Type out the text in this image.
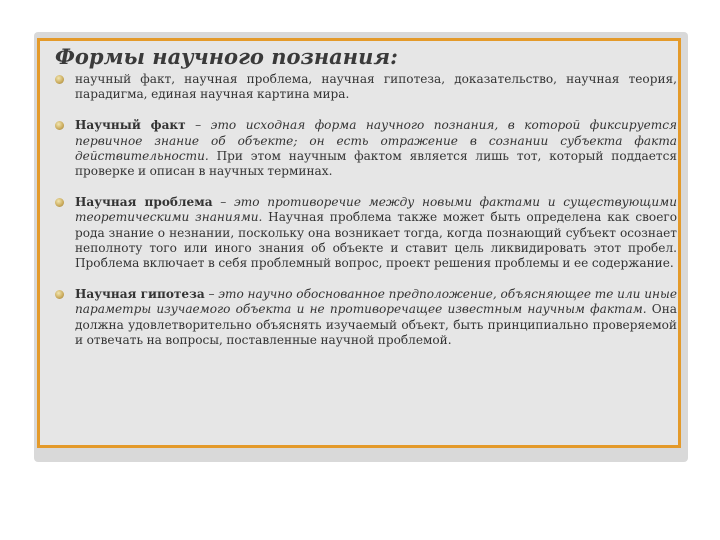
Формы научного познания:
научный факт, научная проблема, научная гипотеза, доказательство, научная теория, парадигма, единая научная картина мира.
Научный факт – это исходная форма научного познания, в которой фиксируется первичное знание об объекте; он есть отражение в сознании субъекта факта действительности. При этом научным фактом является лишь тот, который поддается проверке и описан в научных терминах.
Научная проблема – это противоречие между новыми фактами и существующими теоретическими знаниями. Научная проблема также может быть определена как своего рода знание о незнании, поскольку она возникает тогда, когда познающий субъект осознает неполноту того или иного знания об объекте и ставит цель ликвидировать этот пробел. Проблема включает в себя проблемный вопрос, проект решения проблемы и ее содержание.
Научная гипотеза – это научно обоснованное предположение, объясняющее те или иные параметры изучаемого объекта и не противоречащее известным научным фактам. Она должна удовлетворительно объяснять изучаемый объект, быть принципиально проверяемой и отвечать на вопросы, поставленные научной проблемой.
